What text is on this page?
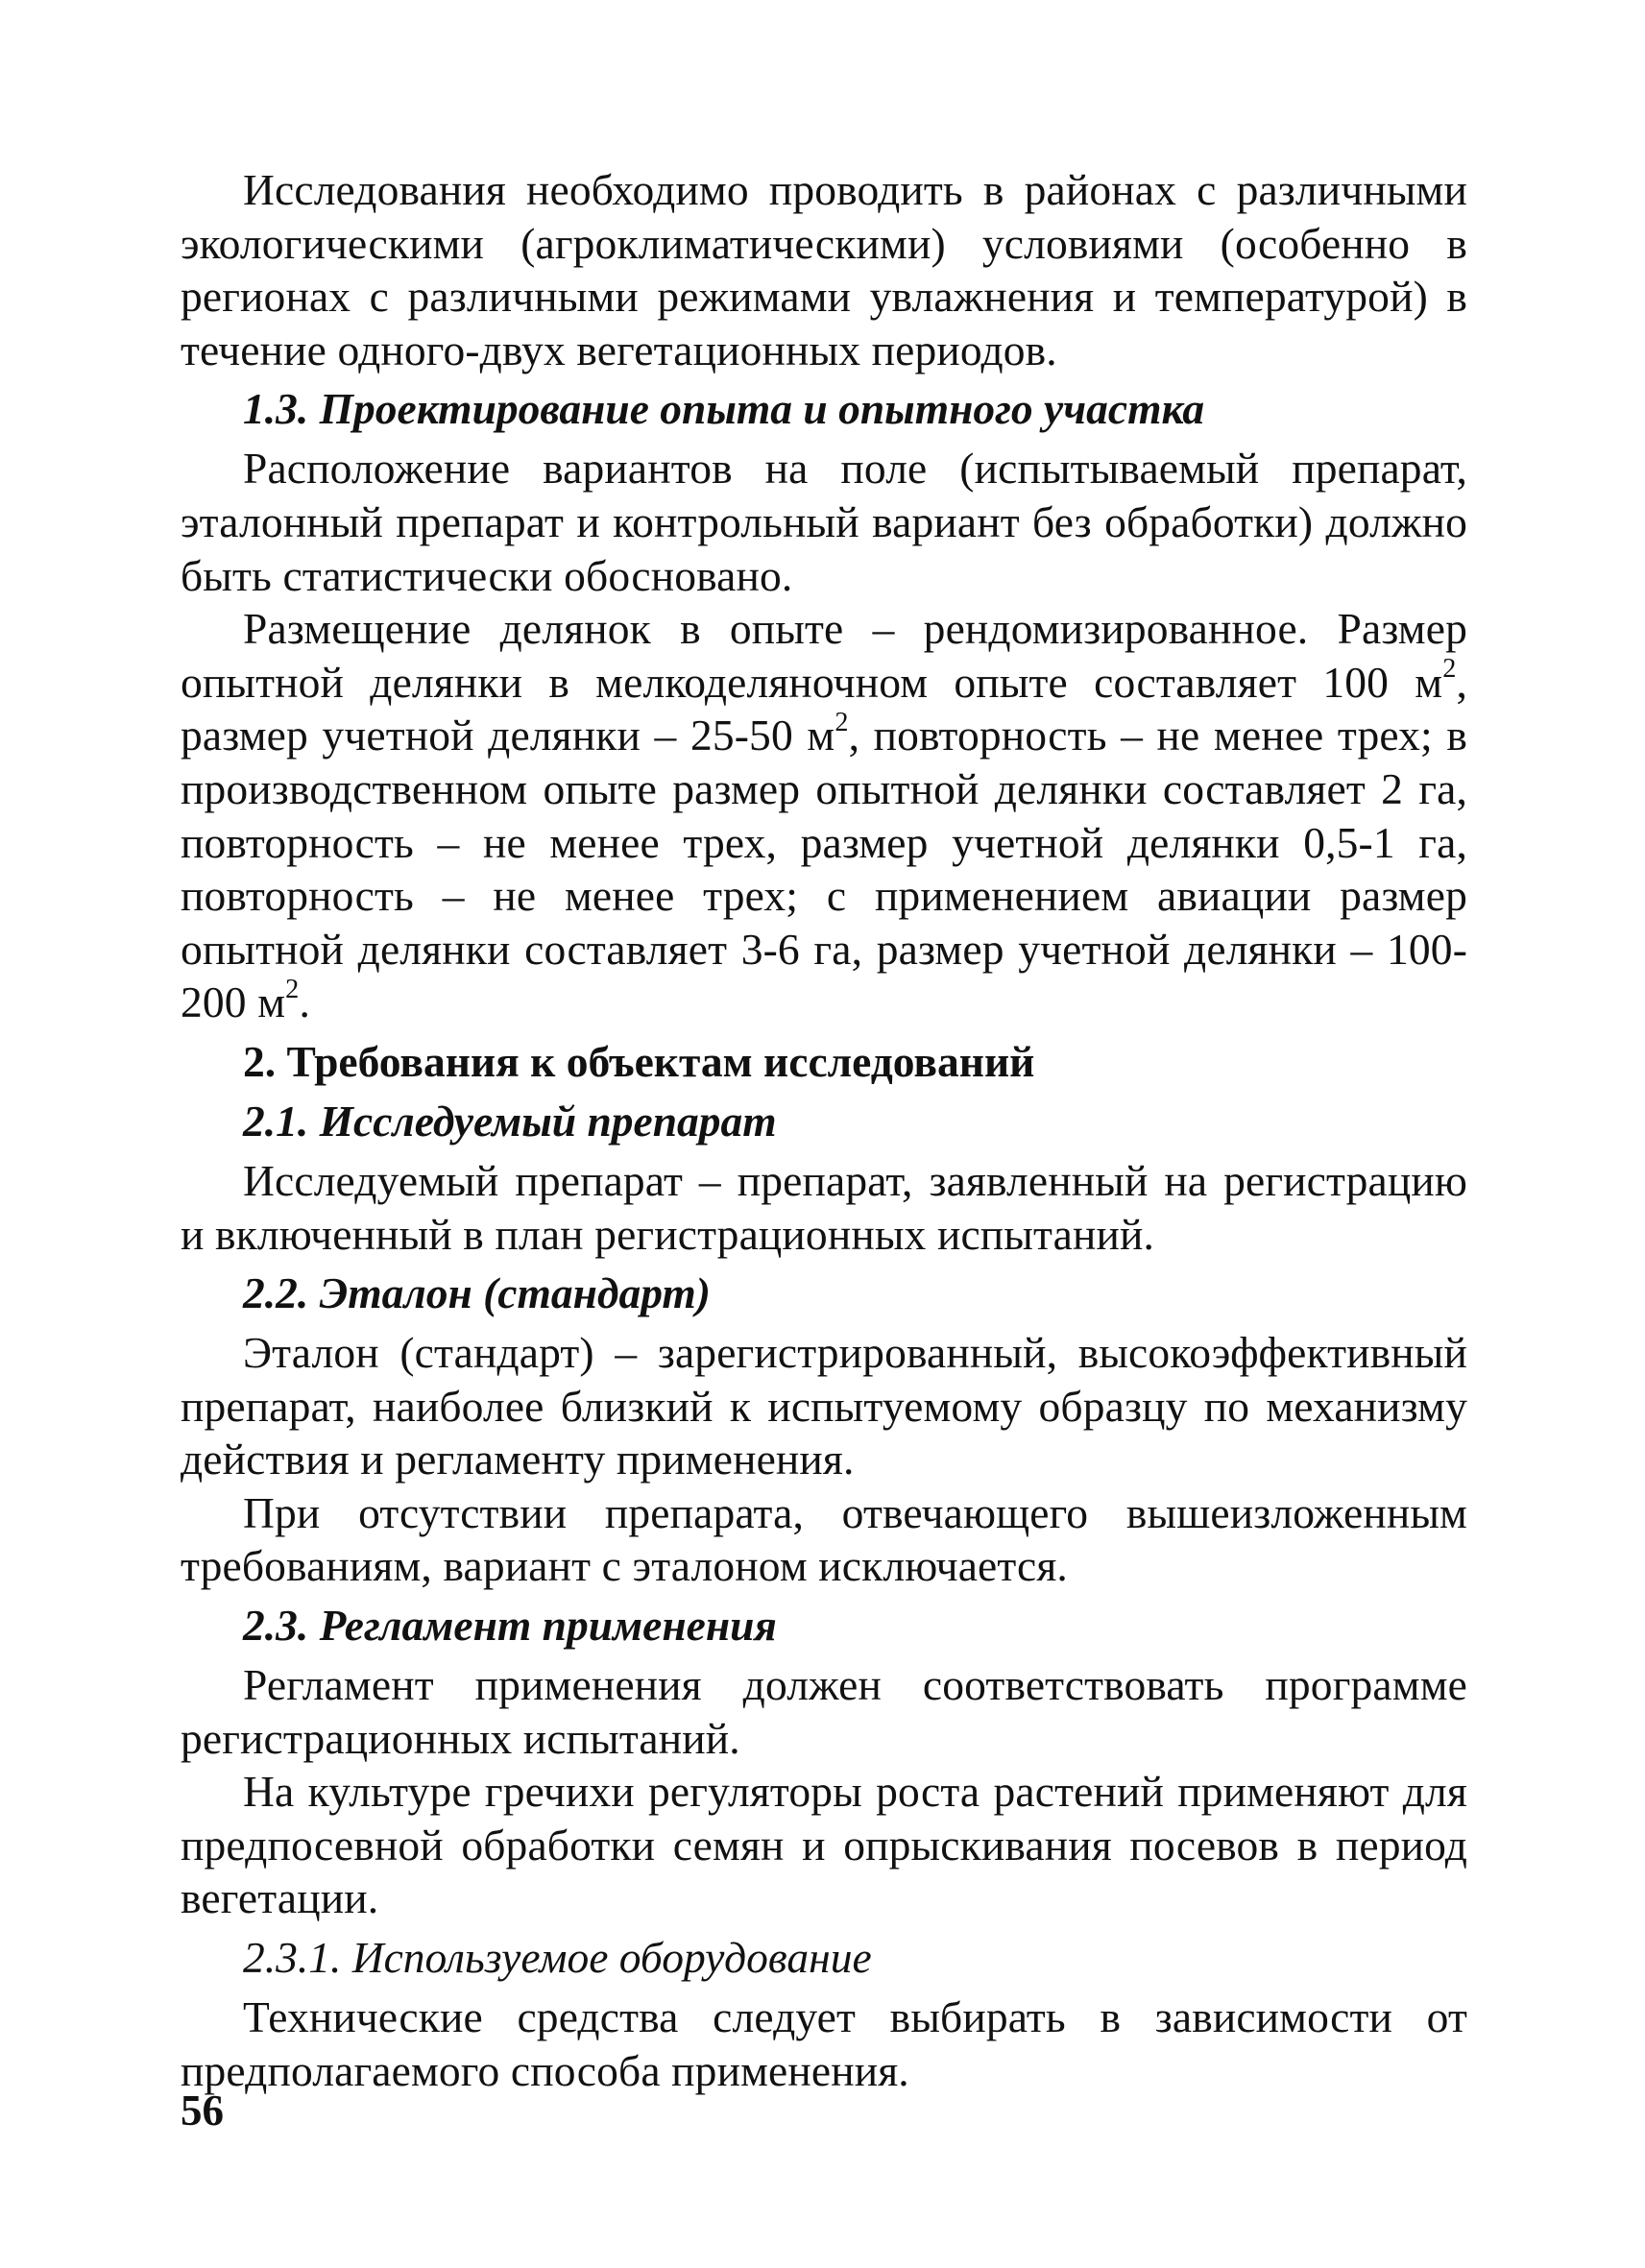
Исследования необходимо проводить в районах с различными экологическими (агроклиматическими) условиями (особенно в регионах с различными режимами увлажнения и температурой) в течение одного-двух вегетационных периодов.

1.3. Проектирование опыта и опытного участка

Расположение вариантов на поле (испытываемый препарат, эталонный препарат и контрольный вариант без обработки) должно быть статистически обосновано.

Размещение делянок в опыте – рендомизированное. Размер опытной делянки в мелкоделяночном опыте составляет 100 $м^2$, размер учетной делянки – 25-50 $м^2$, повторность – не менее трех; в производственном опыте размер опытной делянки составляет 2 га, повторность – не менее трех, размер учетной делянки 0,5-1 га, повторность – не менее трех; с применением авиации размер опытной делянки составляет 3-6 га, размер учетной делянки – 100-200 $м^2$.

2. Требования к объектам исследований
2.1. Исследуемый препарат

Исследуемый препарат – препарат, заявленный на регистрацию и включенный в план регистрационных испытаний.

2.2. Эталон (стандарт)

Эталон (стандарт) – зарегистрированный, высокоэффективный препарат, наиболее близкий к испытуемому образцу по механизму действия и регламенту применения.

При отсутствии препарата, отвечающего вышеизложенным требованиям, вариант с эталоном исключается.

2.3. Регламент применения

Регламент применения должен соответствовать программе регистрационных испытаний.

На культуре гречихи регуляторы роста растений применяют для предпосевной обработки семян и опрыскивания посевов в период вегетации.

2.3.1. Используемое оборудование

Технические средства следует выбирать в зависимости от предполагаемого способа применения.

56
